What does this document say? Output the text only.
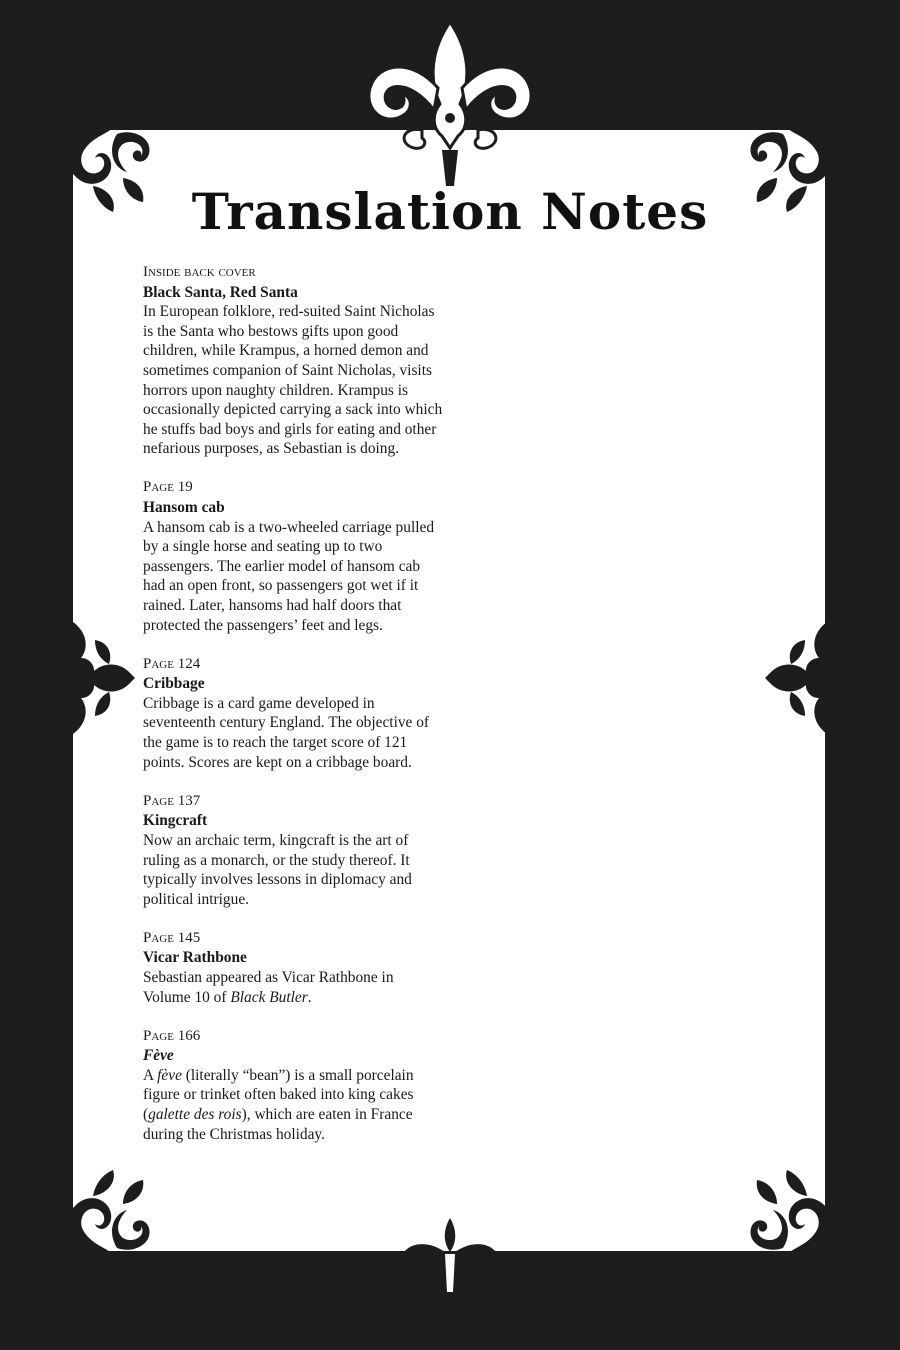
Translation Notes
Inside back cover
Black Santa, Red Santa
In European folklore, red-suited Saint Nicholas is the Santa who bestows gifts upon good children, while Krampus, a horned demon and sometimes companion of Saint Nicholas, visits horrors upon naughty children. Krampus is occasionally depicted carrying a sack into which he stuffs bad boys and girls for eating and other nefarious purposes, as Sebastian is doing.
Page 19
Hansom cab
A hansom cab is a two-wheeled carriage pulled by a single horse and seating up to two passengers. The earlier model of hansom cab had an open front, so passengers got wet if it rained. Later, hansoms had half doors that protected the passengers’ feet and legs.
Page 124
Cribbage
Cribbage is a card game developed in seventeenth century England. The objective of the game is to reach the target score of 121 points. Scores are kept on a cribbage board.
Page 137
Kingcraft
Now an archaic term, kingcraft is the art of ruling as a monarch, or the study thereof. It typically involves lessons in diplomacy and political intrigue.
Page 145
Vicar Rathbone
Sebastian appeared as Vicar Rathbone in Volume 10 of Black Butler.
Page 166
Fève
A fève (literally “bean”) is a small porcelain figure or trinket often baked into king cakes (galette des rois), which are eaten in France during the Christmas holiday.
